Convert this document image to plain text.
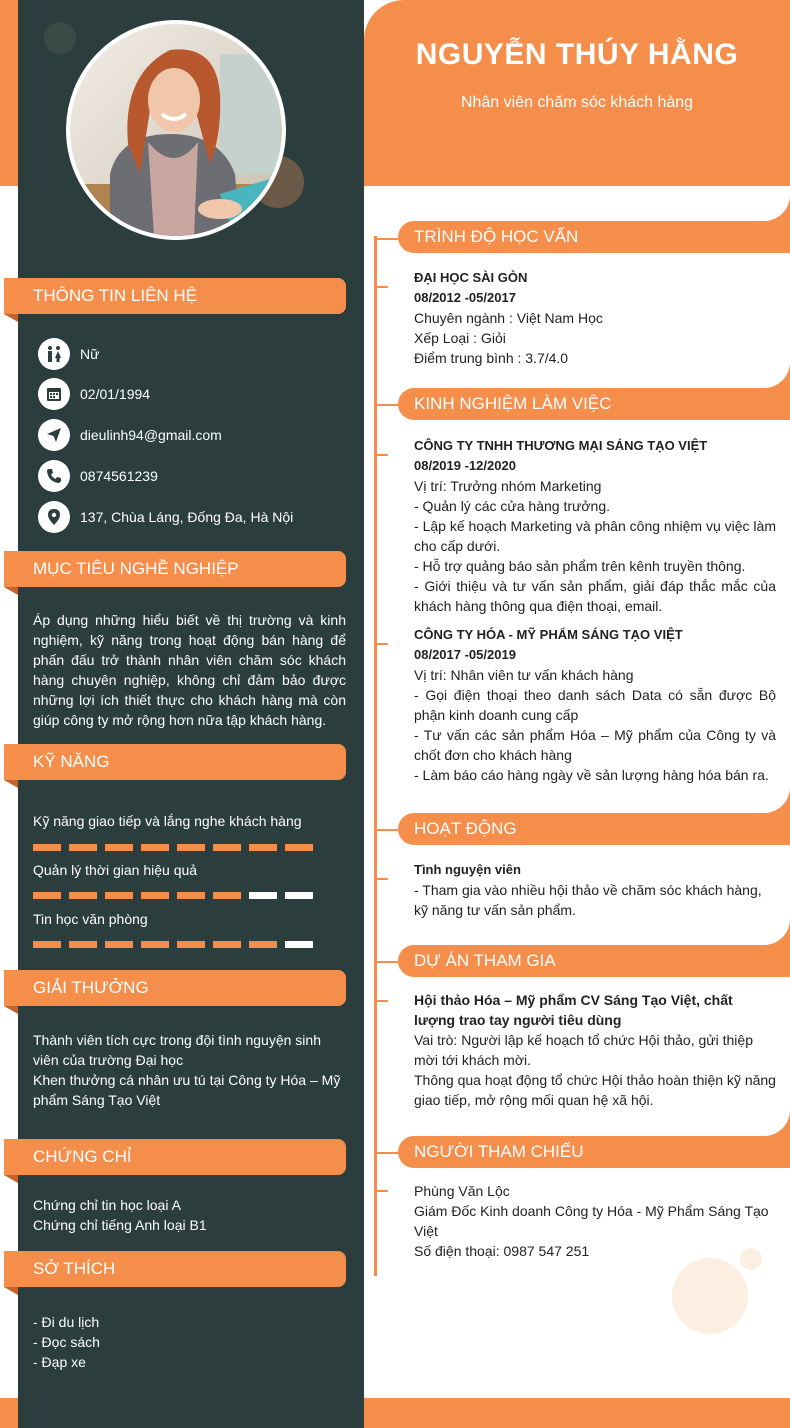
THÔNG TIN LIÊN HỆ
Nữ
02/01/1994
dieulinh94@gmail.com
0874561239
137, Chùa Láng, Đống Đa, Hà Nội
MỤC TIÊU NGHỀ NGHIỆP
Áp dụng những hiểu biết về thị trường và kinh nghiệm, kỹ năng trong hoạt động bán hàng để phấn đấu trở thành nhân viên chăm sóc khách hàng chuyên nghiệp, không chỉ đảm bảo được những lợi ích thiết thực cho khách hàng mà còn giúp công ty mở rộng hơn nữa tập khách hàng.
KỸ NĂNG
Kỹ năng giao tiếp và lắng nghe khách hàng
Quản lý thời gian hiệu quả
Tin học văn phòng
GIẢI THƯỞNG
Thành viên tích cực trong đội tình nguyện sinh viên của trường Đại học
Khen thưởng cá nhân ưu tú tại Công ty Hóa – Mỹ phẩm Sáng Tạo Việt
CHỨNG CHỈ
Chứng chỉ tin học loại A
Chứng chỉ tiếng Anh loại B1
SỞ THÍCH
- Đi du lịch
- Đọc sách
- Đạp xe
NGUYỄN THÚY HẰNG
Nhân viên chăm sóc khách hàng
TRÌNH ĐỘ HỌC VẤN
ĐẠI HỌC SÀI GÒN
08/2012 -05/2017
Chuyên ngành : Việt Nam Học
Xếp Loại : Giỏi
Điểm trung bình : 3.7/4.0
KINH NGHIỆM LÀM VIỆC
CÔNG TY TNHH THƯƠNG MẠI SÁNG TẠO VIỆT
08/2019 -12/2020
Vị trí: Trưởng nhóm Marketing
- Quản lý các cửa hàng trưởng.
- Lập kế hoạch Marketing và phân công nhiệm vụ việc làm cho cấp dưới.
- Hỗ trợ quảng báo sản phẩm trên kênh truyền thông.
- Giới thiệu và tư vấn sản phẩm, giải đáp thắc mắc của khách hàng thông qua điện thoại, email.
CÔNG TY HÓA - MỸ PHẨM SÁNG TẠO VIỆT
08/2017 -05/2019
Vị trí: Nhân viên tư vấn khách hàng
- Gọi điện thoại theo danh sách Data có sẵn được Bộ phận kinh doanh cung cấp
- Tư vấn các sản phẩm Hóa – Mỹ phẩm của Công ty và chốt đơn cho khách hàng
- Làm báo cáo hàng ngày về sản lượng hàng hóa bán ra.
HOẠT ĐỘNG
Tình nguyện viên
- Tham gia vào nhiều hội thảo về chăm sóc khách hàng, kỹ năng tư vấn sản phẩm.
DỰ ÁN THAM GIA
Hội thảo Hóa – Mỹ phẩm CV Sáng Tạo Việt, chất lượng trao tay người tiêu dùng
Vai trò: Người lập kế hoạch tổ chức Hội thảo, gửi thiệp mời tới khách mời.
Thông qua hoạt động tổ chức Hội thảo hoàn thiện kỹ năng giao tiếp, mở rộng mối quan hệ xã hội.
NGƯỜI THAM CHIẾU
Phùng Văn Lộc
Giám Đốc Kinh doanh Công ty Hóa - Mỹ Phẩm Sáng Tạo Việt
Số điện thoại: 0987 547 251
